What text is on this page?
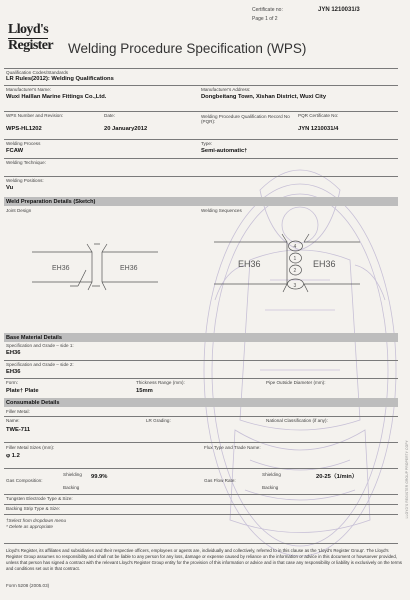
Certificate no:	JYN 1210031/3
Page 1 of 2
Lloyd's
Register Welding Procedure Specification (WPS)
Qualification Codes/Standards
LR Rules(2012): Welding Qualifications
Manufacturer's Name:
Wuxi Haillan Marine Fittings Co.,Ltd.
Manufacturer's Address:
Dongbeitang Town, Xishan District, Wuxi City
WPS Number and Revision:	Date:	Welding Procedure Qualification Record No (PQR):
PQR Certificate No:
WPS-HL1202	20 January2012	JYN 1210031/4
Welding Process	Type:
FCAW	Semi-automatic†
Welding Technique:
Welding Positions:
Vu
Weld Preparation Details (Sketch)
Joint Design	Welding Sequences
EH36	EH36
4
1
2
3
EH36	EH36
Base Material Details
Specification and Grade – side 1:
EH36
Specification and Grade – side 2:
EH36
Form:	Thickness Range (mm):	Pipe Outside Diameter (mm):
Plate† Plate	15mm
Consumable Details
Filler Metal:
Name:	LR Grading:	National Classification (if any):
TWE-711
Filler Metal Sizes (mm):	Flux Type and Trade Name:
φ 1.2
Gas Composition:
Shielding 99.9%
Backing
Gas Flow Rate:
Shielding	20-25（1/min）
Backing
Tungsten Electrode Type & Size:
Backing Strip Type & Size:
†Select from dropdown menu
* Delete as appropriate
Lloyd's Register, its affiliates and subsidiaries and their respective officers, employees or agents are, individually and collectively, referred to in this clause as the 'Lloyd's Register Group'. The Lloyd's Register Group assumes no responsibility and shall not be liable to any person for any loss, damage or expense caused by reliance on the information or advice in this document or howsoever provided, unless that person has signed a contract with the relevant Lloyd's Register Group entity for the provision of this information or advice and in that case any responsibility or liability is exclusively on the terms and conditions set out in that contract.
Form 5208 (2005.03)
LLOYD'S REGISTER GROUP PROPERTY COPY
